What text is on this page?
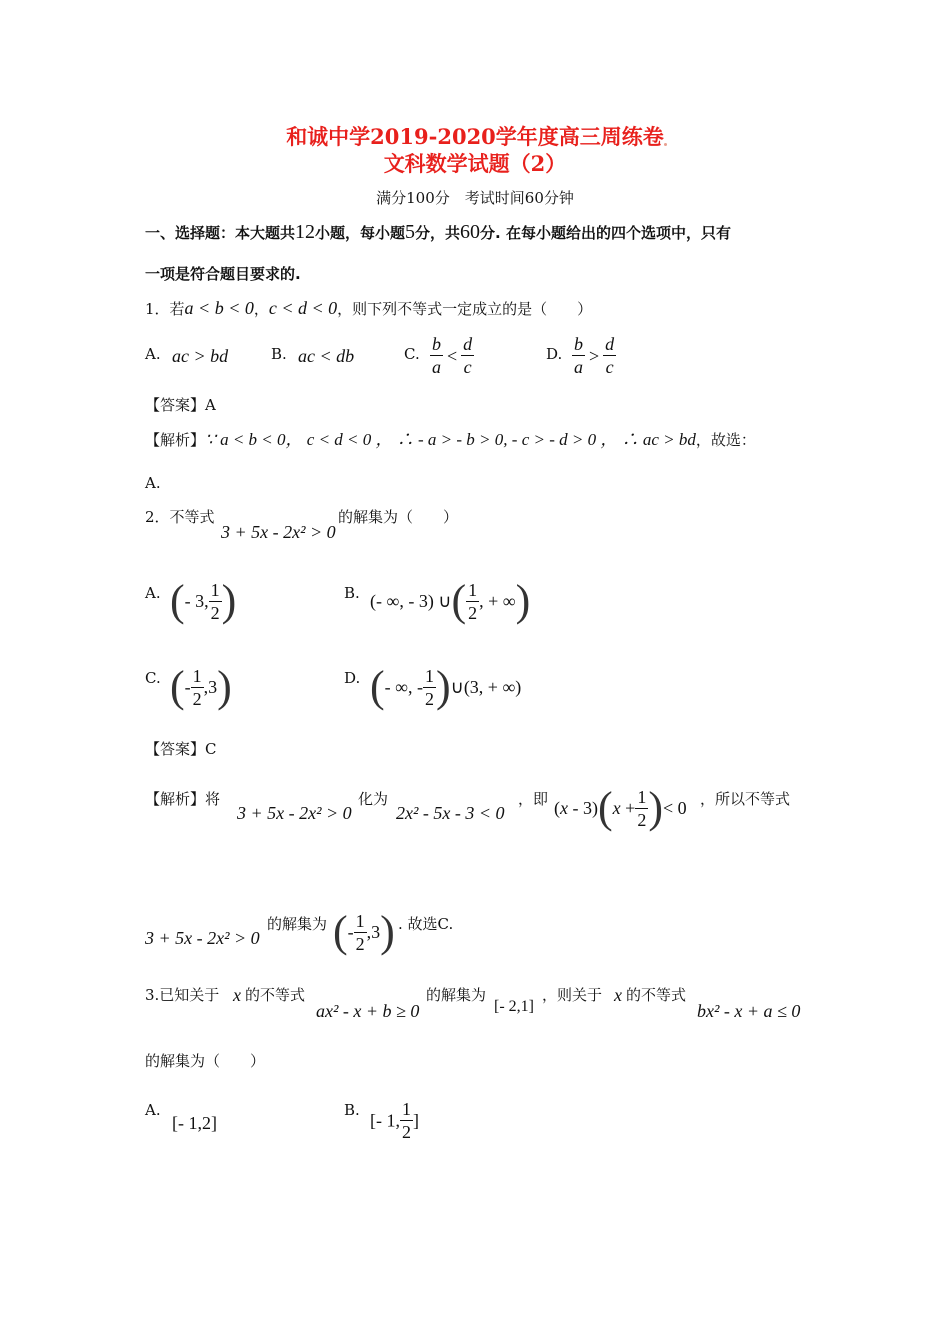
和诚中学2019-2020学年度高三周练卷
文科数学试题（2）
满分100分　考试时间60分钟
一、选择题：本大题共12小题，每小题5分，共60分. 在每小题给出的四个选项中，只有
一项是符合题目要求的.
1．若a < b < 0，c < d < 0，则下列不等式一定成立的是（　　）
A. ac > bd	B. ac < db	C. $\frac{b}{a} < \frac{d}{c}$	D. $\frac{b}{a} > \frac{d}{c}$
【答案】A
【解析】∵ a < b < 0， c < d < 0 ， ∴ - a > - b > 0, - c > - d > 0 ， ∴ ac > bd，故选：
A.
2．不等式
3 + 5x - 2x² > 0
的解集为（　　）
A. (- 3, $\frac{1}{2}$ )	B. (- ∞, - 3) ∪( $\frac{1}{2}$ , + ∞)
C. (- $\frac{1}{2} ,3$)	D. (- ∞, - $\frac{1}{2}$ )∪(3, + ∞)
【答案】C
【解析】将
3 + 5x - 2x² > 0
化为
2x² - 5x - 3 < 0
，即 $(x - 3)(x + \frac{1}{2}$ )< 0 ，所以不等式
3 + 5x - 2x² > 0
的解集为 (- $\frac{1}{2} ,3$) . 故选C.
3.已知关于 x 的不等式
ax² - x + b ≥ 0
的解集为
[- 2,1]
，则关于 x 的不等式
bx² - x + a ≤ 0
的解集为（　　）
A.
[- 1,2]
B.
[- 1, $\frac{1}{2}$ ]
